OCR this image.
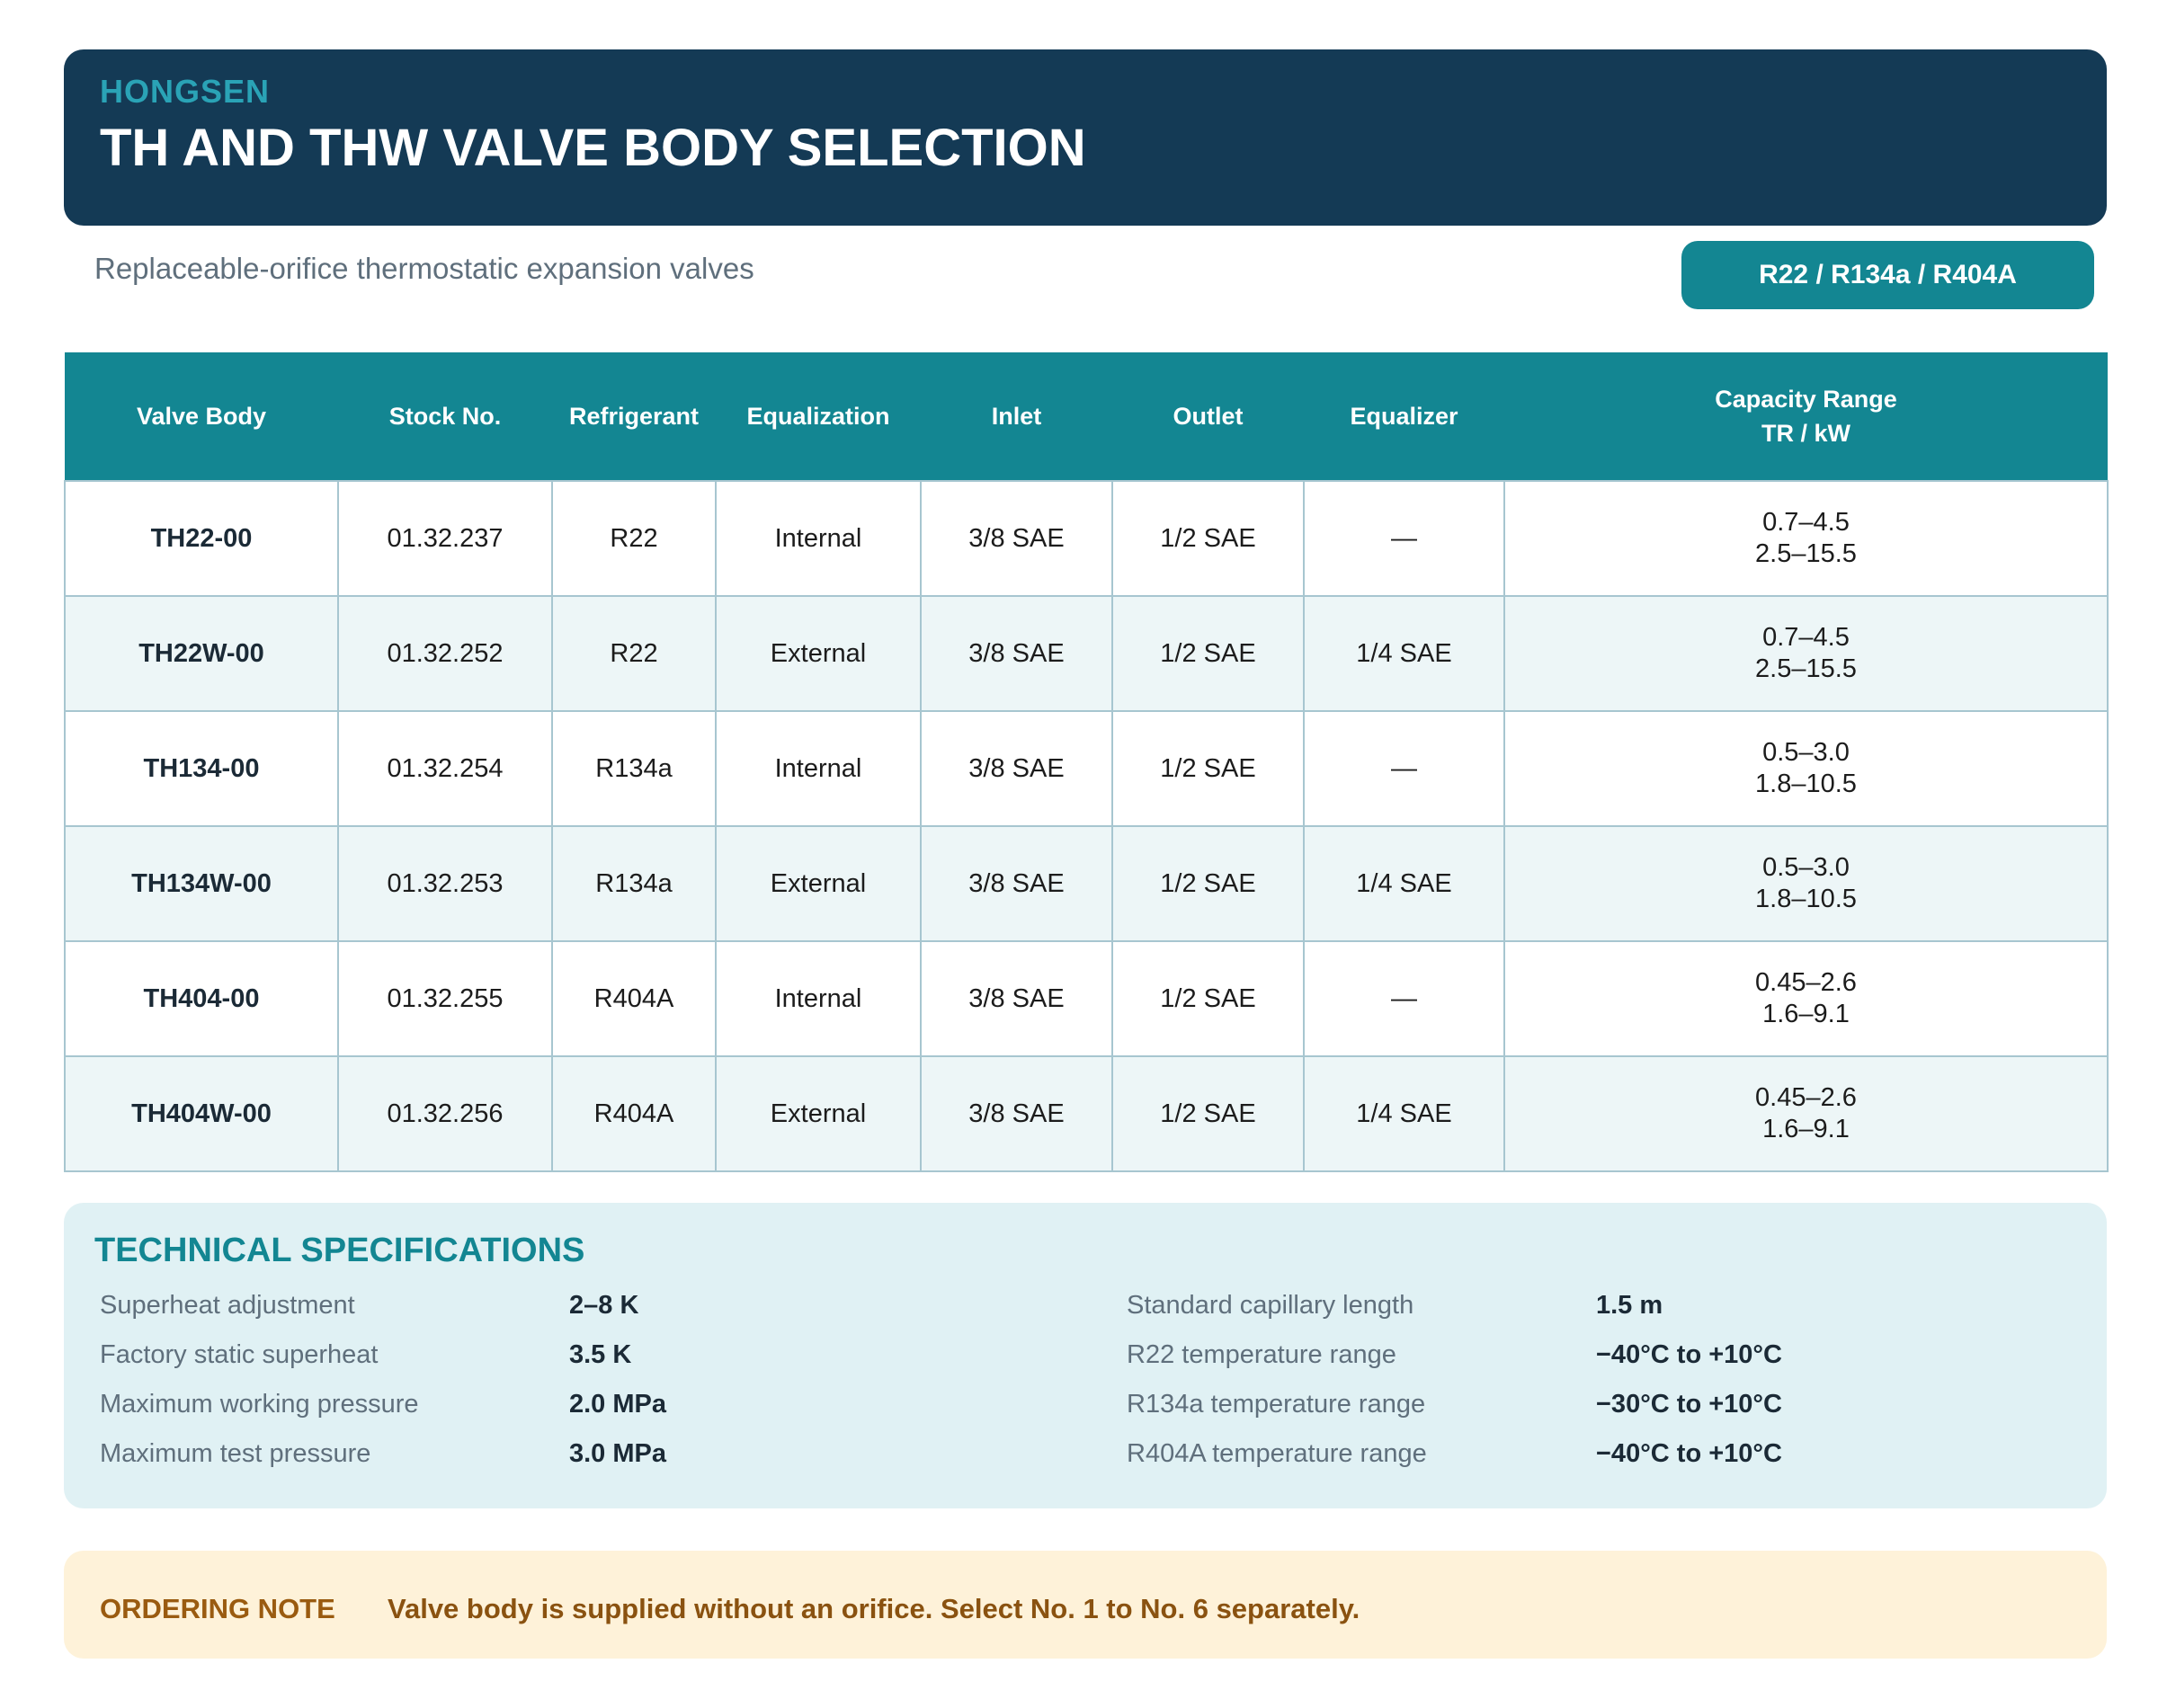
HONGSEN
TH AND THW VALVE BODY SELECTION
Replaceable-orifice thermostatic expansion valves	R22 / R134a / R404A
Valve Body	Stock No.	Refrigerant	Equalization	Inlet	Outlet	Equalizer	Capacity Range
TR / kW

TH22-00	01.32.237	R22	Internal	3/8 SAE	1/2 SAE	—	0.7–4.5
2.5–15.5

TH22W-00	01.32.252	R22	External	3/8 SAE	1/2 SAE	1/4 SAE	0.7–4.5
2.5–15.5

TH134-00	01.32.254	R134a	Internal	3/8 SAE	1/2 SAE	—	0.5–3.0
1.8–10.5

TH134W-00	01.32.253	R134a	External	3/8 SAE	1/2 SAE	1/4 SAE	0.5–3.0
1.8–10.5

TH404-00	01.32.255	R404A	Internal	3/8 SAE	1/2 SAE	—	0.45–2.6
1.6–9.1

TH404W-00	01.32.256	R404A	External	3/8 SAE	1/2 SAE	1/4 SAE	0.45–2.6
1.6–9.1
TECHNICAL SPECIFICATIONS
Superheat adjustment	2–8 K
Factory static superheat	3.5 K
Maximum working pressure	2.0 MPa
Maximum test pressure	3.0 MPa
Standard capillary length	1.5 m
R22 temperature range	−40°C to +10°C
R134a temperature range	−30°C to +10°C
R404A temperature range	−40°C to +10°C
ORDERING NOTE Valve body is supplied without an orifice. Select No. 1 to No. 6 separately.
